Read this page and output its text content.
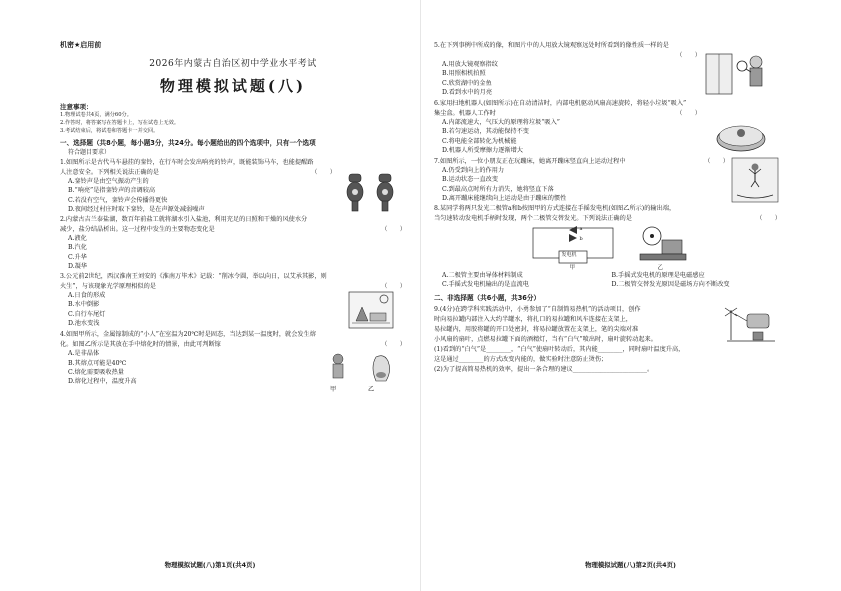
机密★启用前
2026年内蒙古自治区初中学业水平考试
物理模拟试题(八)
注意事项：
1.物理试卷共4页，满分60分。
2.作答时，将答案写在答题卡上，写在试卷上无效。
3.考试结束后，将试卷和答题卡一并交回。
一、选择题（共8小题，每小题3分，共24分。每小题给出的四个选项中，只有一个选项
符合题目要求）
1.如图所示是古代马车悬挂的銮铃，在行车时会发出响亮的铃声，既能装饰马车，也能提醒路
人注意安全。下列相关说法正确的是	（　　）
A.銮铃声是由空气振动产生的
B.“响亮”是指銮铃声的音调较高
C.若没有空气，銮铃声会传播得更快
D.夜间经过村庄时取下銮铃，是在声源处减弱噪声
2.内蒙古吉兰泰盐湖，数百年前盐工就将湖水引入盐池，利用充足的日照和干燥的风使水分
减少，盐分结晶析出。这一过程中发生的主要物态变化是	（　　）
A.液化
B.汽化
C.升华
D.凝华
3.公元前2世纪，西汉淮南王刘安的《淮南万毕术》记载：“削冰令圆，举以向日，以艾承其影，则
火生”，与该现象光学原理相似的是	（　　）
A.日食的形成
B.水中倒影
C.自行车尾灯
D.池水变浅
4.如图甲所示，金属镓制成的“小人”在室温为20℃时是固态，当达到某一温度时，就会发生熔
化。如图乙所示是其放在手中熔化时的情景，由此可判断镓	（　　）
A.是非晶体
B.其熔点可能是40℃
C.熔化需要吸收热量
D.熔化过程中，温度升高
甲	乙
物理模拟试题(八)第1页(共4页)
5.在下列事例中所成的像，和图片中的人用放大镜观察远处时所看到的像性质一样的是
（　　）
A.用放大镜观察指纹
B.用照相机拍照
C.欣赏湖中的金鱼
D.看到水中的月亮
6.家用扫地机器人(如图所示)在自动清洁时，内部电机驱动风扇高速旋转，将轻小垃圾“吸入”
集尘盒。机器人工作时	（　　）
A.内部流速大，气压大的原理将垃圾“吸入”
B.若匀速运动，其动能保持不变
C.将电能全部转化为机械能
D.机器人所受摩擦力逐渐增大
7.如图所示，一位小朋友正在玩蹦床，她离开蹦床竖直向上运动过程中	（　　）
A.仍受到向上的作用力
B.运动状态一直改变
C.到最高点时所有力消失，她将竖直下落
D.离开蹦床能继续向上运动是由于蹦床的惯性
8.某同学将两只发光二极管a和b按图甲的方式连接在手摇发电机(如图乙所示)的输出端，
当匀速转动发电机手柄时发现，两个二极管交替发光。下列说法正确的是	（　　）
发电机
a
b
甲	乙
A.二极管主要由导体材料制成	B.手摇式发电机的原理是电磁感应
C.手摇式发电机输出的是直流电	D.二极管交替发光原因是磁场方向不断改变
二、非选择题（共6小题，共36分）
9.(4分)在跨学科实践活动中，小勇参加了“自制简易热机”的活动项目，创作
时向易拉罐内部注入大约半罐水，将扎口的易拉罐和风车连接在支架上，
易拉罐内，用胶将罐的开口处密封，将易拉罐放置在支架上，笔的尖端对准
小风扇的扇叶，点燃易拉罐下面的酒精灯，当有“白气”喷出时，扇叶旋转动起来。
(1)看到的“白气”是________，“白气”使扇叶转动后，其内能________，同时扇叶温度升高，
这是通过________的方式改变内能的，做实验时注意防止烫伤；
(2)为了提高简易热机的效率，提出一条合理的建议________________________。
物理模拟试题(八)第2页(共4页)
